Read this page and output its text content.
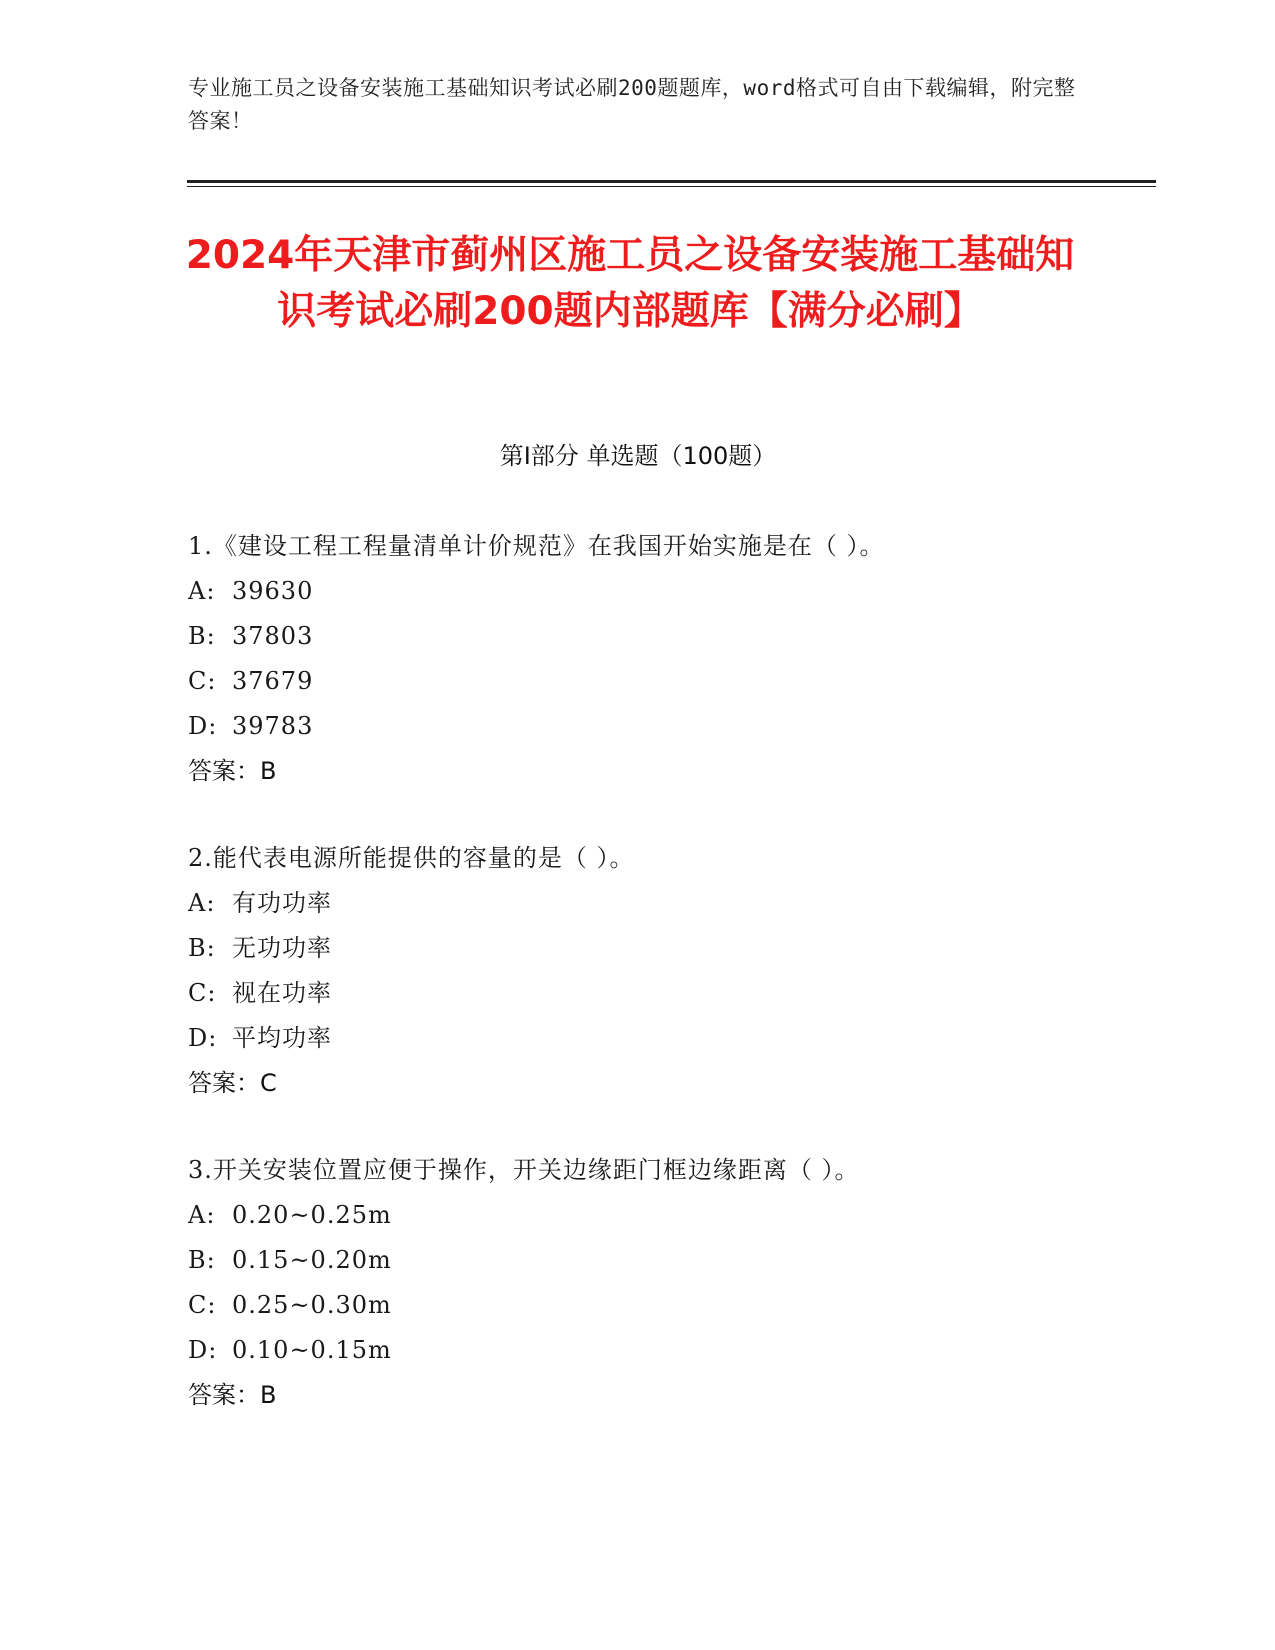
专业施工员之设备安装施工基础知识考试必刷200题题库，word格式可自由下载编辑，附完整答案！
2024年天津市蓟州区施工员之设备安装施工基础知识考试必刷200题内部题库【满分必刷】
第I部分 单选题（100题）
1.《建设工程工程量清单计价规范》在我国开始实施是在（ ）。
A: 39630
B: 37803
C: 37679
D: 39783
答案：B
2.能代表电源所能提供的容量的是（ ）。
A: 有功功率
B: 无功功率
C: 视在功率
D: 平均功率
答案：C
3.开关安装位置应便于操作，开关边缘距门框边缘距离（ ）。
A: 0.20~0.25m
B: 0.15~0.20m
C: 0.25~0.30m
D: 0.10~0.15m
答案：B
